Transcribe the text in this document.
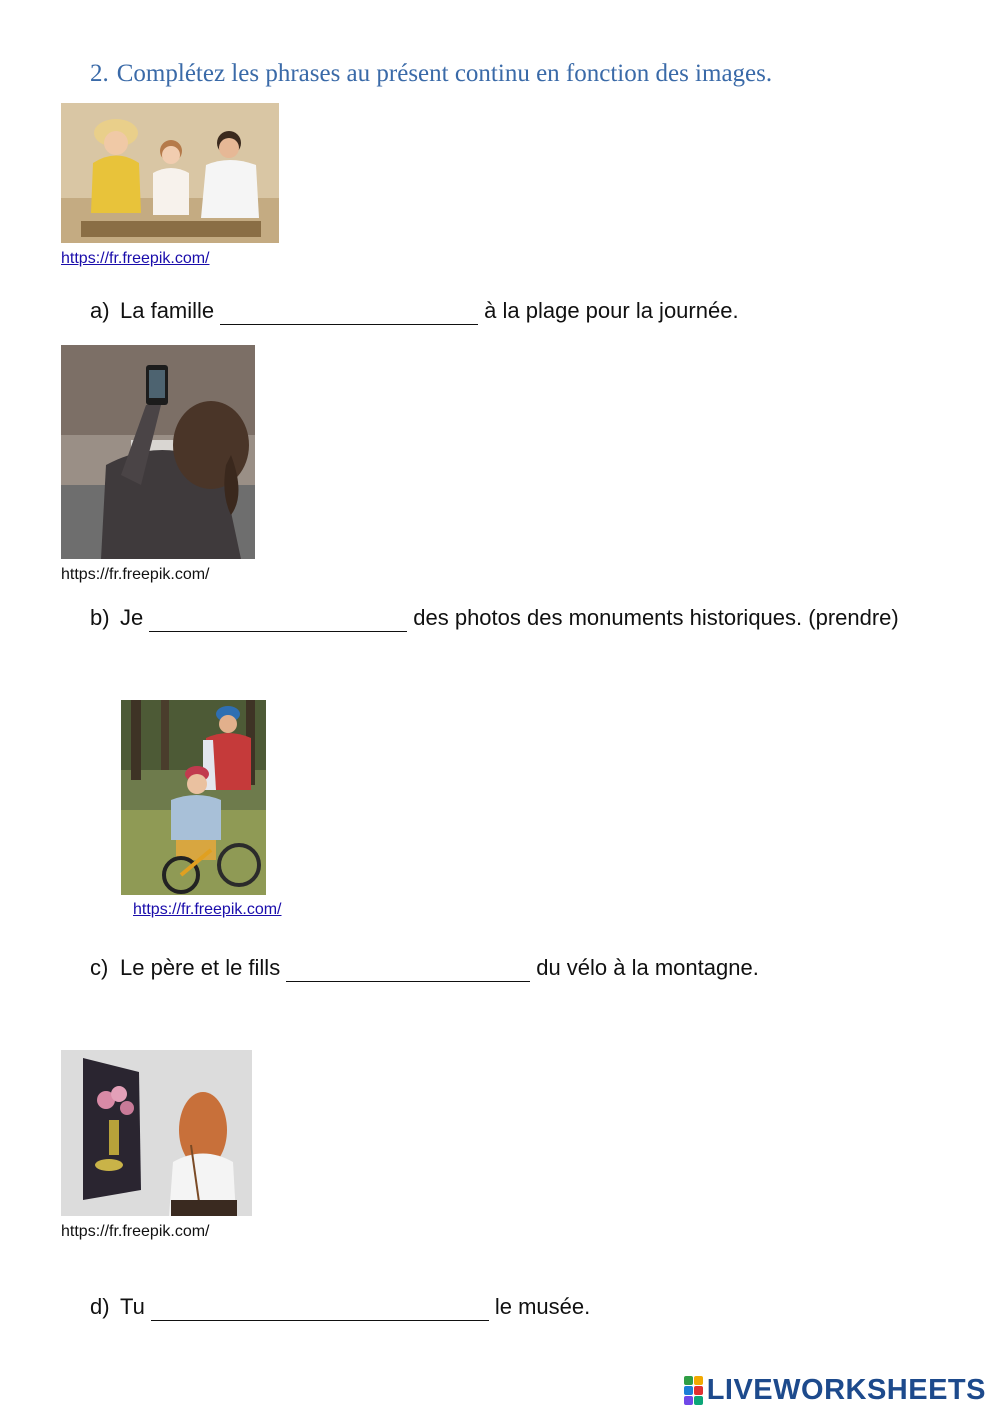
2. Complétez les phrases au présent continu en fonction des images.
https://fr.freepik.com/
a) La famille	à la plage pour la journée.
https://fr.freepik.com/
b) Je	des photos des monuments historiques. (prendre)
https://fr.freepik.com/
c) Le père et le fills	du vélo à la montagne.
https://fr.freepik.com/
d) Tu	le musée.
LIVEWORKSHEETS
